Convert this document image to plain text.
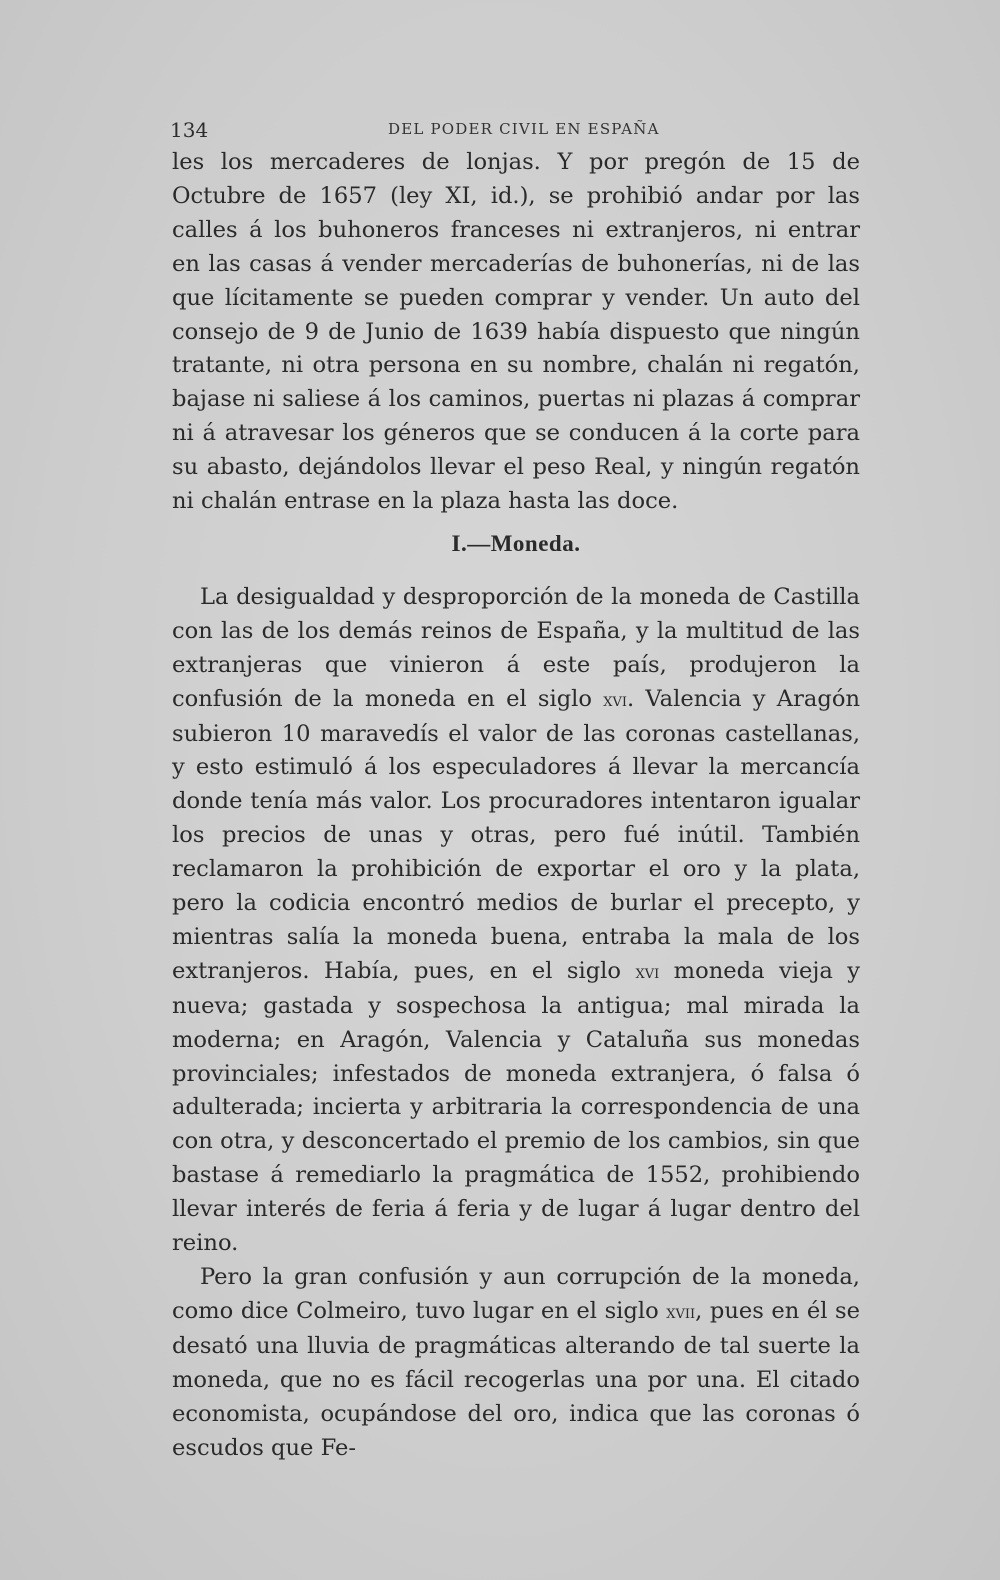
134	DEL PODER CIVIL EN ESPAÑA

les los mercaderes de lonjas. Y por pregón de 15 de Octubre de 1657 (ley XI, id.), se prohibió andar por las calles á los buhoneros franceses ni extranjeros, ni entrar en las casas á vender mercaderías de buhonerías, ni de las que lícitamente se pueden comprar y vender. Un auto del consejo de 9 de Junio de 1639 había dispuesto que ningún tratante, ni otra persona en su nombre, chalán ni regatón, bajase ni saliese á los caminos, puertas ni plazas á comprar ni á atravesar los géneros que se conducen á la corte para su abasto, dejándolos llevar el peso Real, y ningún regatón ni chalán entrase en la plaza hasta las doce.

I.—Moneda.

La desigualdad y desproporción de la moneda de Castilla con las de los demás reinos de España, y la multitud de las extranjeras que vinieron á este país, produjeron la confusión de la moneda en el siglo xvi. Valencia y Aragón subieron 10 maravedís el valor de las coronas castellanas, y esto estimuló á los especuladores á llevar la mercancía donde tenía más valor. Los procuradores intentaron igualar los precios de unas y otras, pero fué inútil. También reclamaron la prohibición de exportar el oro y la plata, pero la codicia encontró medios de burlar el precepto, y mientras salía la moneda buena, entraba la mala de los extranjeros. Había, pues, en el siglo xvi moneda vieja y nueva; gastada y sospechosa la antigua; mal mirada la moderna; en Aragón, Valencia y Cataluña sus monedas provinciales; infestados de moneda extranjera, ó falsa ó adulterada; incierta y arbitraria la correspondencia de una con otra, y desconcertado el premio de los cambios, sin que bastase á remediarlo la pragmática de 1552, prohibiendo llevar interés de feria á feria y de lugar á lugar dentro del reino.

Pero la gran confusión y aun corrupción de la moneda, como dice Colmeiro, tuvo lugar en el siglo xvii, pues en él se desató una lluvia de pragmáticas alterando de tal suerte la moneda, que no es fácil recogerlas una por una. El citado economista, ocupándose del oro, indica que las coronas ó escudos que Fe-
